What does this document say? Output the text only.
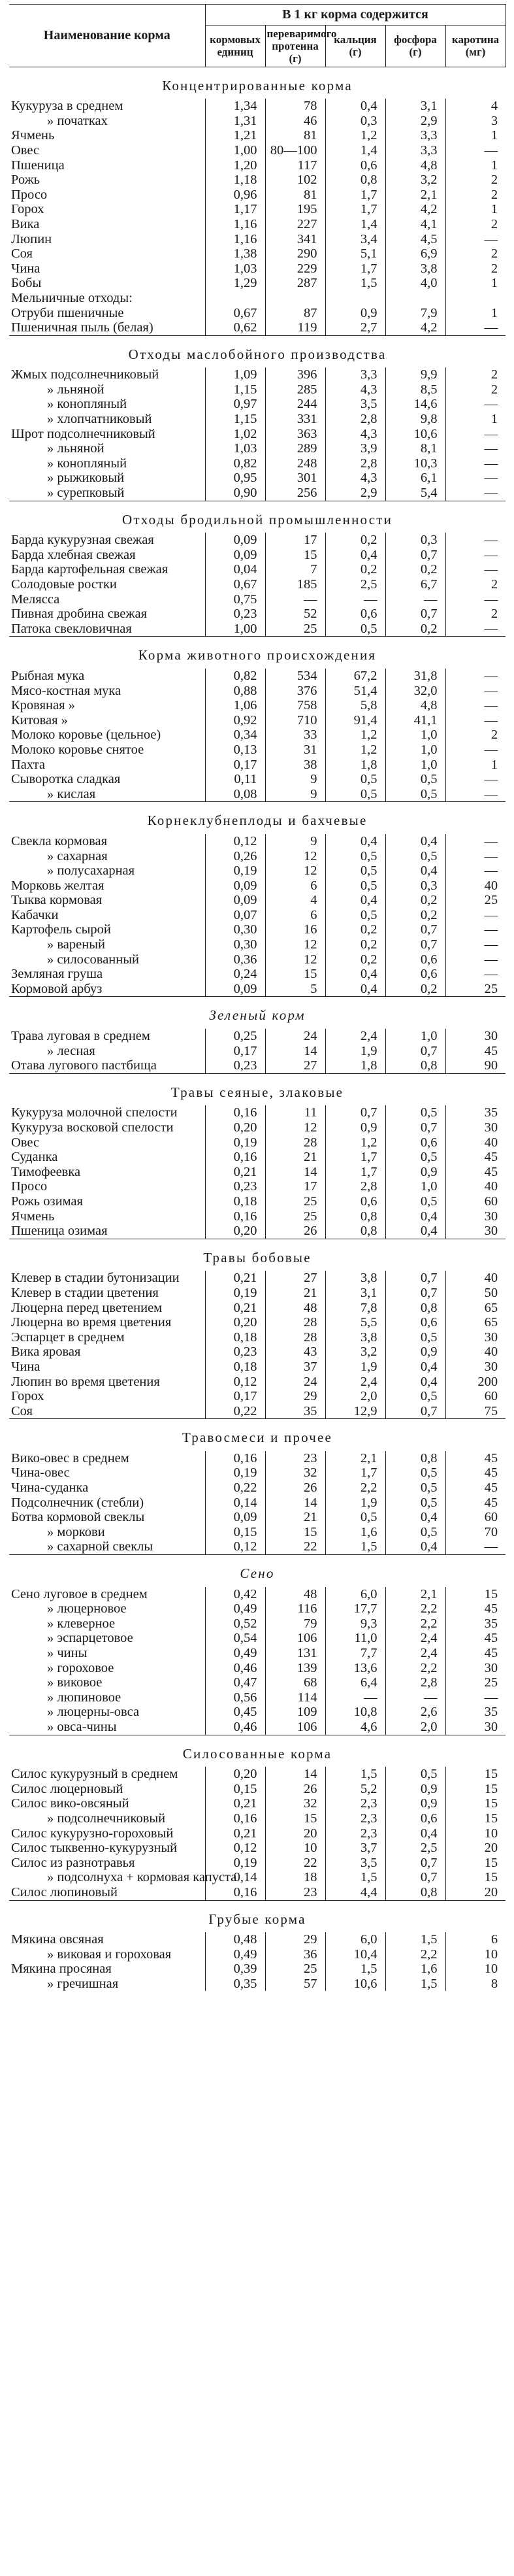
Наименование корма	В 1 кг корма содержится				
	кормовых единиц	переваримого протеина (г)	кальция (г)	фосфора (г)	каротина (мг)
Концентрированные корма					
Кукуруза в среднем	1,34	78	0,4	3,1	4
» початках	1,31	46	0,3	2,9	3
Ячмень	1,21	81	1,2	3,3	1
Овес	1,00	80—100	1,4	3,3	—
Пшеница	1,20	117	0,6	4,8	1
Рожь	1,18	102	0,8	3,2	2
Просо	0,96	81	1,7	2,1	2
Горох	1,17	195	1,7	4,2	1
Вика	1,16	227	1,4	4,1	2
Люпин	1,16	341	3,4	4,5	—
Соя	1,38	290	5,1	6,9	2
Чина	1,03	229	1,7	3,8	2
Бобы	1,29	287	1,5	4,0	1
Мельничные отходы:					
Отруби пшеничные	0,67	87	0,9	7,9	1
Пшеничная пыль (белая)	0,62	119	2,7	4,2	—
Отходы маслобойного производства					
Жмых подсолнечниковый	1,09	396	3,3	9,9	2
» льняной	1,15	285	4,3	8,5	2
» конопляный	0,97	244	3,5	14,6	—
» хлопчатниковый	1,15	331	2,8	9,8	1
Шрот подсолнечниковый	1,02	363	4,3	10,6	—
» льняной	1,03	289	3,9	8,1	—
» конопляный	0,82	248	2,8	10,3	—
» рыжиковый	0,95	301	4,3	6,1	—
» сурепковый	0,90	256	2,9	5,4	—
Отходы бродильной промышленности					
Барда кукурузная свежая	0,09	17	0,2	0,3	—
Барда хлебная свежая	0,09	15	0,4	0,7	—
Барда картофельная свежая	0,04	7	0,2	0,2	—
Солодовые ростки	0,67	185	2,5	6,7	2
Меляcса	0,75	—	—	—	—
Пивная дробина свежая	0,23	52	0,6	0,7	2
Патока свекловичная	1,00	25	0,5	0,2	—
Корма животного происхождения					
Рыбная мука	0,82	534	67,2	31,8	—
Мясо-костная мука	0,88	376	51,4	32,0	—
Кровяная »	1,06	758	5,8	4,8	—
Китовая »	0,92	710	91,4	41,1	—
Молоко коровье (цельное)	0,34	33	1,2	1,0	2
Молоко коровье снятое	0,13	31	1,2	1,0	—
Пахта	0,17	38	1,8	1,0	1
Сыворотка сладкая	0,11	9	0,5	0,5	—
» кислая	0,08	9	0,5	0,5	—
Корнеклубнеплоды и бахчевые					
Свекла кормовая	0,12	9	0,4	0,4	—
» сахарная	0,26	12	0,5	0,5	—
» полусахарная	0,19	12	0,5	0,4	—
Морковь желтая	0,09	6	0,5	0,3	40
Тыква кормовая	0,09	4	0,4	0,2	25
Кабачки	0,07	6	0,5	0,2	—
Картофель сырой	0,30	16	0,2	0,7	—
» вареный	0,30	12	0,2	0,7	—
» силосованный	0,36	12	0,2	0,6	—
Земляная груша	0,24	15	0,4	0,6	—
Кормовой арбуз	0,09	5	0,4	0,2	25
Зеленый корм					
Трава луговая в среднем	0,25	24	2,4	1,0	30
» лесная	0,17	14	1,9	0,7	45
Отава лугового пастбища	0,23	27	1,8	0,8	90
Травы сеяные, злаковые					
Кукуруза молочной спелости	0,16	11	0,7	0,5	35
Кукуруза восковой спелости	0,20	12	0,9	0,7	30
Овес	0,19	28	1,2	0,6	40
Суданка	0,16	21	1,7	0,5	45
Тимофеевка	0,21	14	1,7	0,9	45
Просо	0,23	17	2,8	1,0	40
Рожь озимая	0,18	25	0,6	0,5	60
Ячмень	0,16	25	0,8	0,4	30
Пшеница озимая	0,20	26	0,8	0,4	30
Травы бобовые					
Клевер в стадии бутонизации	0,21	27	3,8	0,7	40
Клевер в стадии цветения	0,19	21	3,1	0,7	50
Люцерна перед цветением	0,21	48	7,8	0,8	65
Люцерна во время цветения	0,20	28	5,5	0,6	65
Эспарцет в среднем	0,18	28	3,8	0,5	30
Вика яровая	0,23	43	3,2	0,9	40
Чина	0,18	37	1,9	0,4	30
Люпин во время цветения	0,12	24	2,4	0,4	200
Горох	0,17	29	2,0	0,5	60
Соя	0,22	35	12,9	0,7	75
Травосмеси и прочее					
Вико-овес в среднем	0,16	23	2,1	0,8	45
Чина-овес	0,19	32	1,7	0,5	45
Чина-суданка	0,22	26	2,2	0,5	45
Подсолнечник (стебли)	0,14	14	1,9	0,5	45
Ботва кормовой свеклы	0,09	21	0,5	0,4	60
» моркови	0,15	15	1,6	0,5	70
» сахарной свеклы	0,12	22	1,5	0,4	—
Сено					
Сено луговое в среднем	0,42	48	6,0	2,1	15
» люцерновое	0,49	116	17,7	2,2	45
» клеверное	0,52	79	9,3	2,2	35
» эспарцетовое	0,54	106	11,0	2,4	45
» чины	0,49	131	7,7	2,4	45
» гороховое	0,46	139	13,6	2,2	30
» виковое	0,47	68	6,4	2,8	25
» люпиновое	0,56	114	—	—	—
» люцерны-овса	0,45	109	10,8	2,6	35
» овса-чины	0,46	106	4,6	2,0	30
Силосованные корма					
Силос кукурузный в среднем	0,20	14	1,5	0,5	15
Силос люцерновый	0,15	26	5,2	0,9	15
Силос вико-овсяный	0,21	32	2,3	0,9	15
» подсолнечниковый	0,16	15	2,3	0,6	15
Силос кукурузно-гороховый	0,21	20	2,3	0,4	10
Силос тыквенно-кукурузный	0,12	10	3,7	2,5	20
Силос из разнотравья	0,19	22	3,5	0,7	15
» подсолнуха + кормовая капуста	0,14	18	1,5	0,7	15
Силос люпиновый	0,16	23	4,4	0,8	20
Грубые корма					
Мякина овсяная	0,48	29	6,0	1,5	6
» виковая и гороховая	0,49	36	10,4	2,2	10
Мякина просяная	0,39	25	1,5	1,6	10
» гречишная	0,35	57	10,6	1,5	8
